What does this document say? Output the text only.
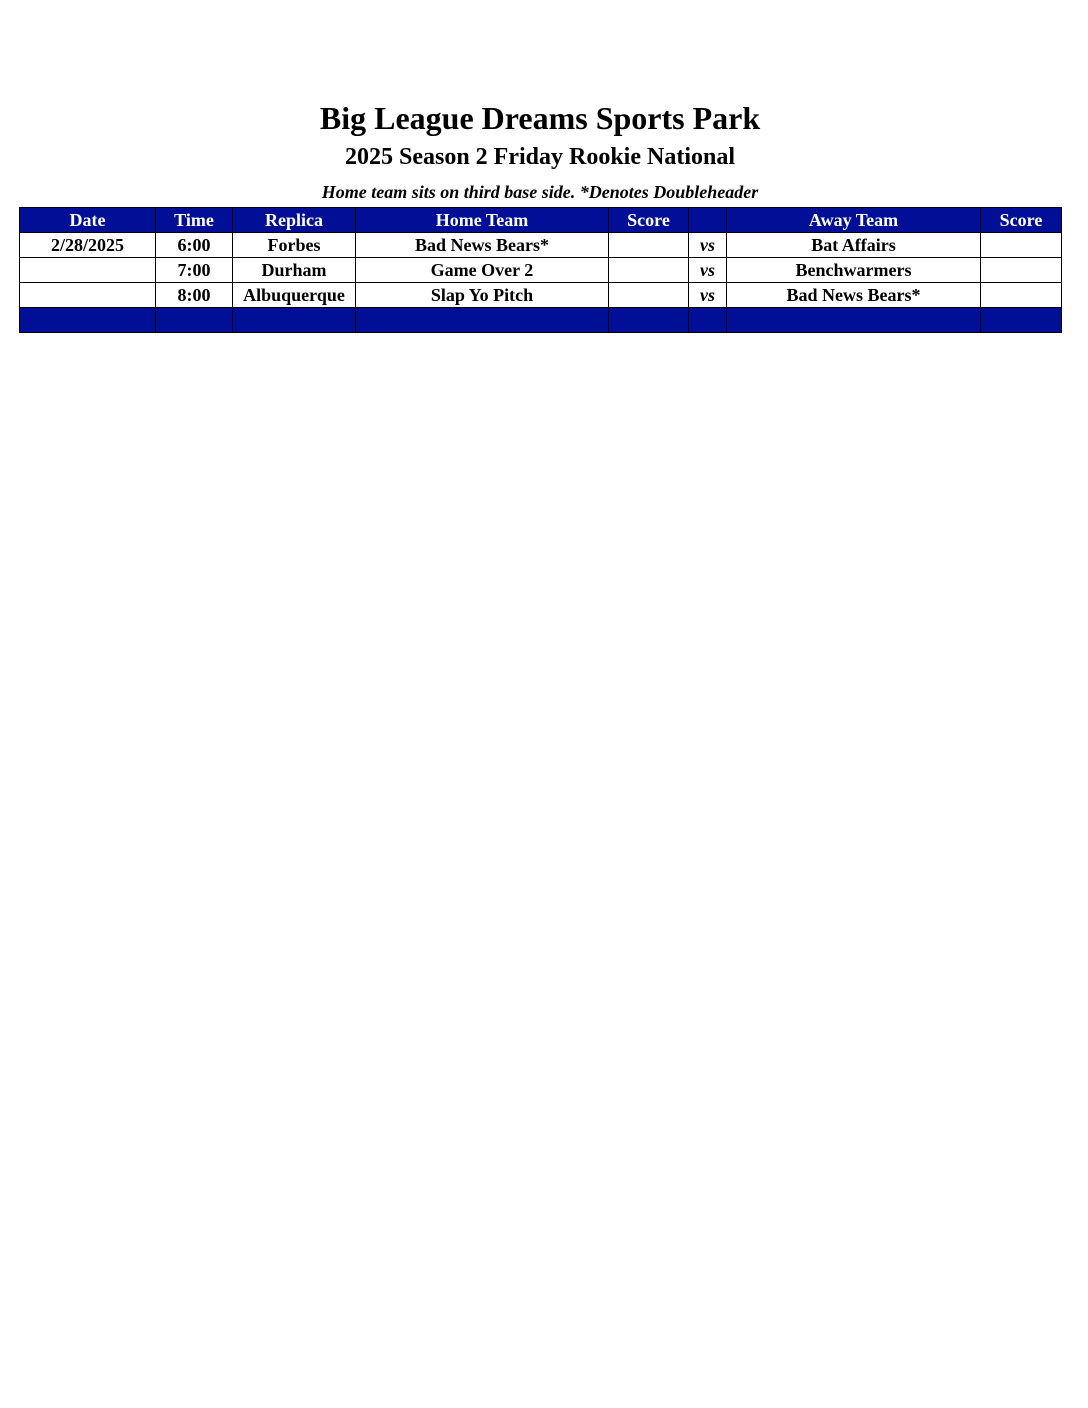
Big League Dreams Sports Park
2025 Season 2 Friday Rookie National
Home team sits on third base side. *Denotes Doubleheader
Date	Time	Replica	Home Team	Score		Away Team	Score
2/28/2025	6:00	Forbes	Bad News Bears*		vs	Bat Affairs	
	7:00	Durham	Game Over 2		vs	Benchwarmers	
	8:00	Albuquerque	Slap Yo Pitch		vs	Bad News Bears*	
